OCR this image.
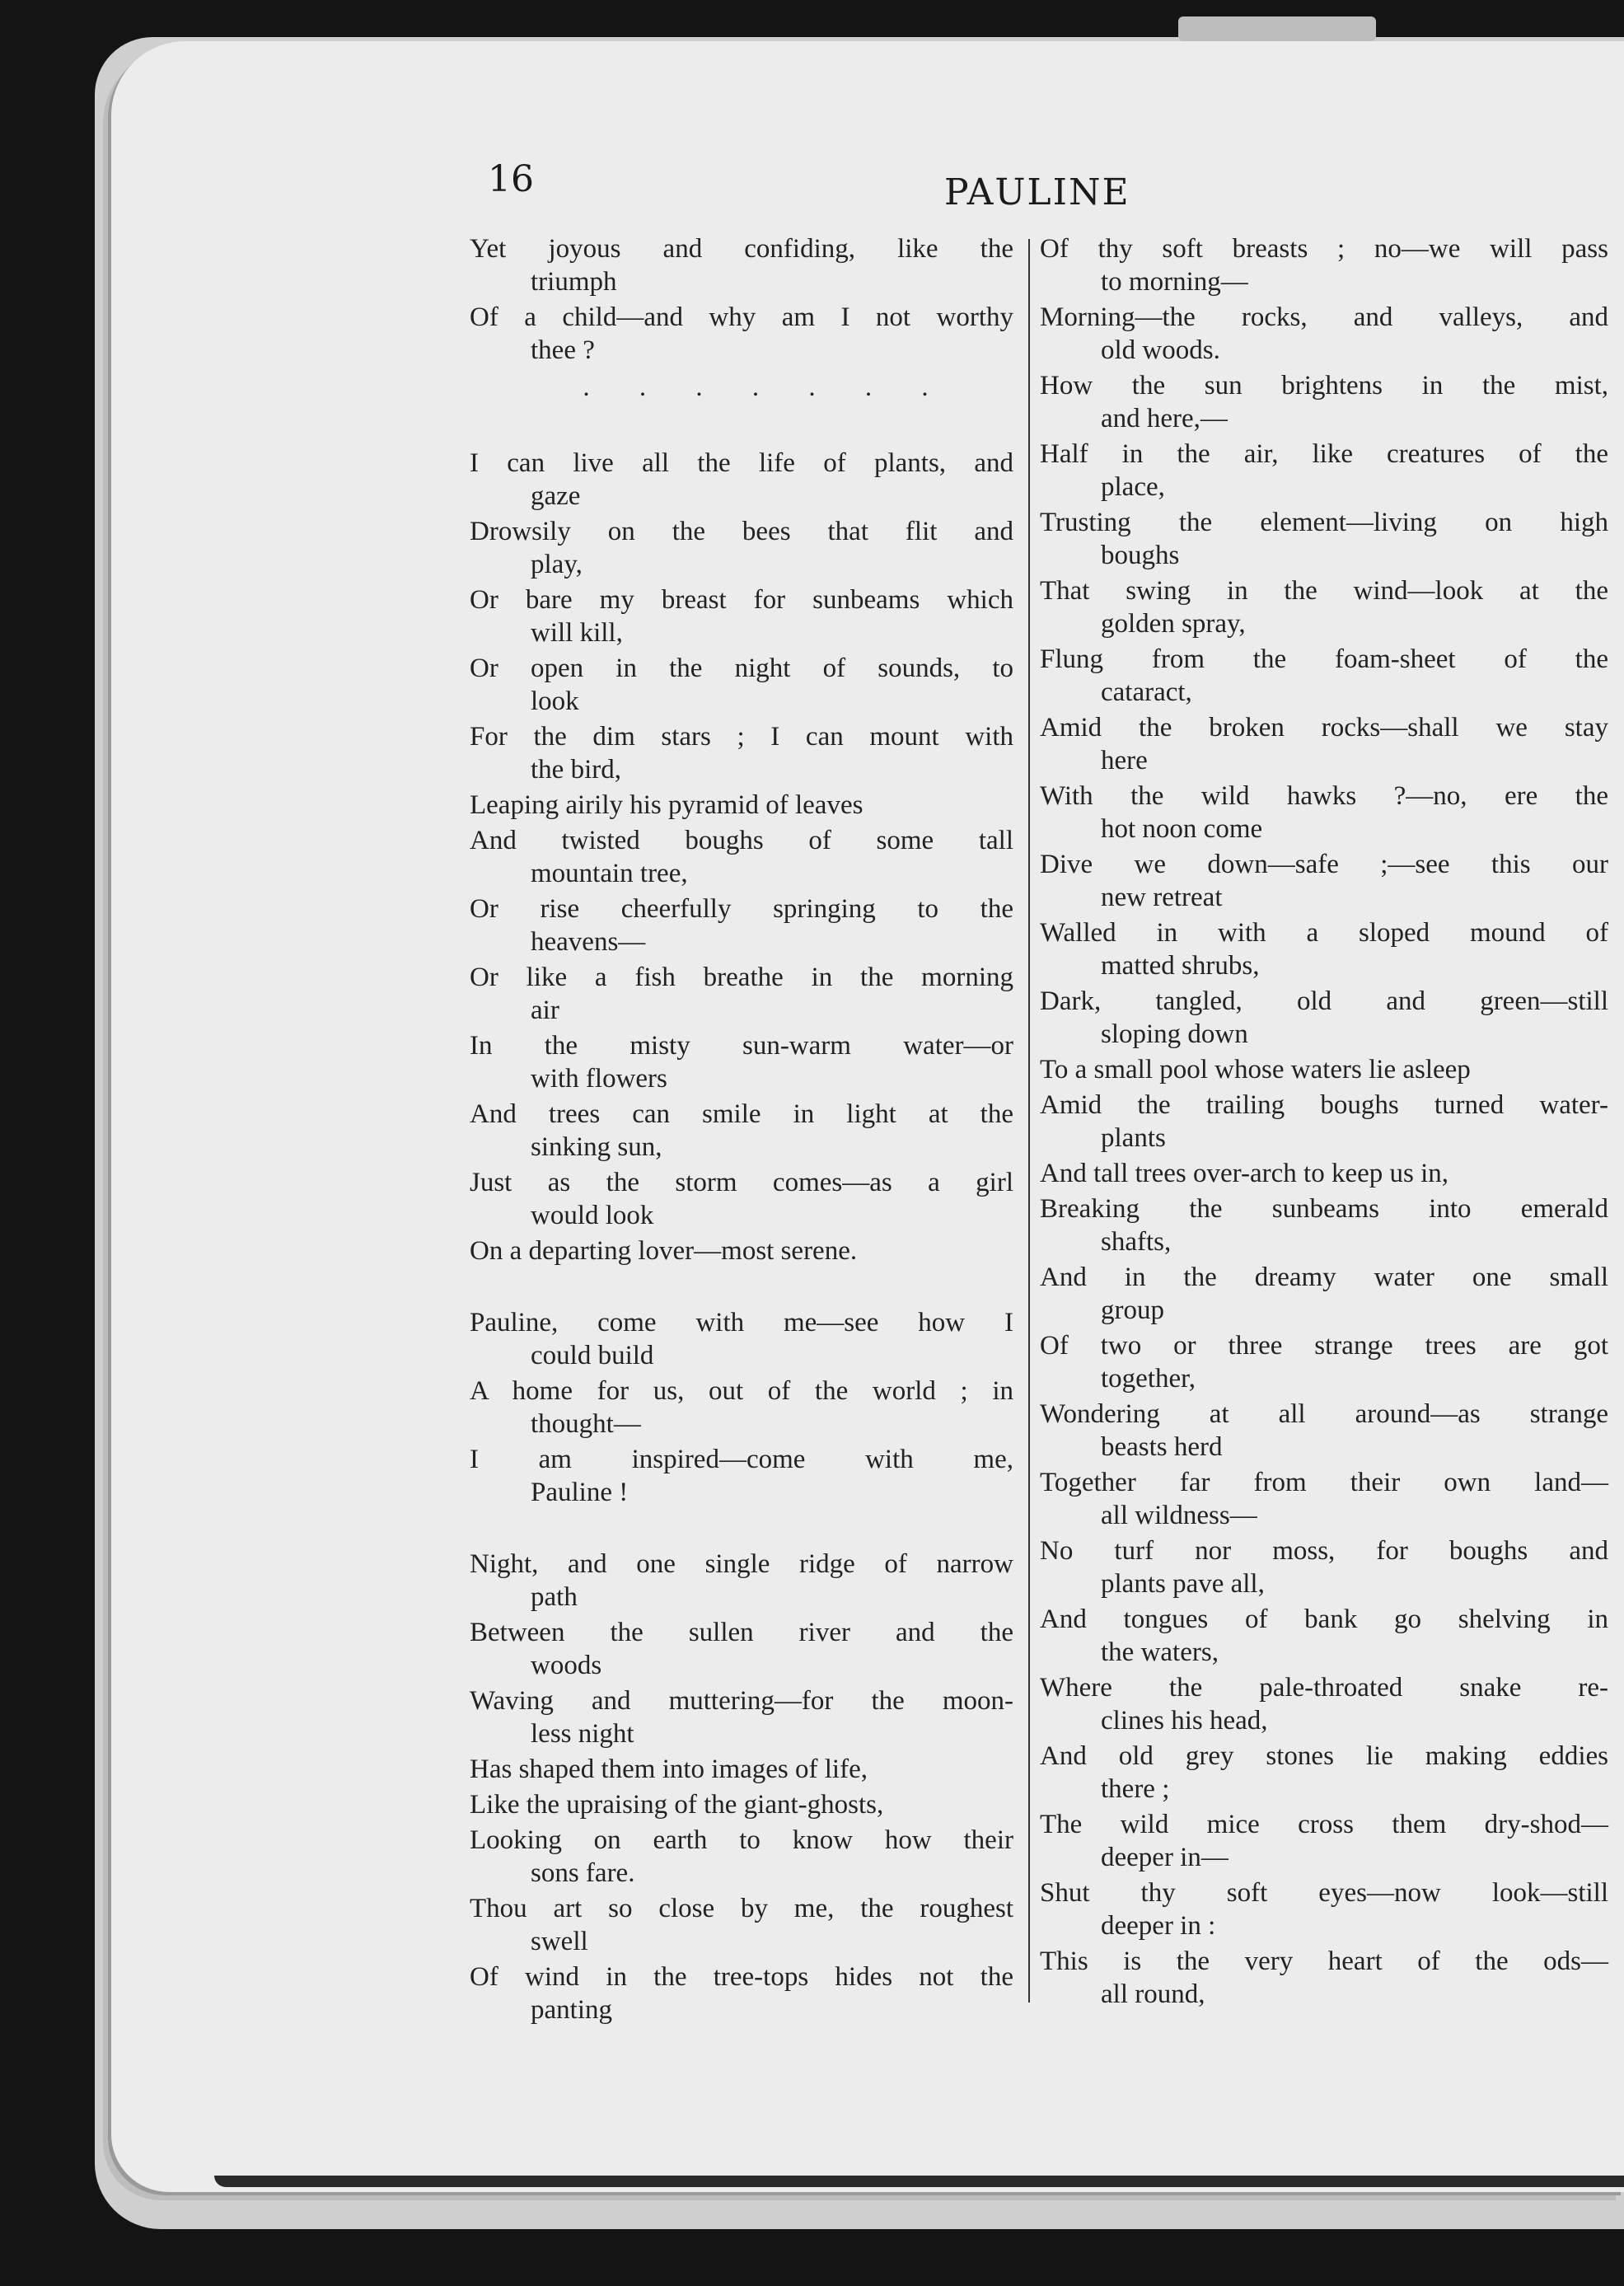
16	PAULINE
Yet joyous and confiding, like the
triumph
Of a child—and why am I not worthy
thee ?
. . . . . . .
I can live all the life of plants, and
gaze
Drowsily on the bees that flit and
play,
Or bare my breast for sunbeams which
will kill,
Or open in the night of sounds, to
look
For the dim stars ; I can mount with
the bird,
Leaping airily his pyramid of leaves
And twisted boughs of some tall
mountain tree,
Or rise cheerfully springing to the
heavens—
Or like a fish breathe in the morning
air
In the misty sun-warm water—or
with flowers
And trees can smile in light at the
sinking sun,
Just as the storm comes—as a girl
would look
On a departing lover—most serene.
Pauline, come with me—see how I
could build
A home for us, out of the world ; in
thought—
I am inspired—come with me,
Pauline !
Night, and one single ridge of narrow
path
Between the sullen river and the
woods
Waving and muttering—for the moon-
less night
Has shaped them into images of life,
Like the upraising of the giant-ghosts,
Looking on earth to know how their
sons fare.
Thou art so close by me, the roughest
swell
Of wind in the tree-tops hides not the
panting
Of thy soft breasts ; no—we will pass
to morning—
Morning—the rocks, and valleys, and
old woods.
How the sun brightens in the mist,
and here,—
Half in the air, like creatures of the
place,
Trusting the element—living on high
boughs
That swing in the wind—look at the
golden spray,
Flung from the foam-sheet of the
cataract,
Amid the broken rocks—shall we stay
here
With the wild hawks ?—no, ere the
hot noon come
Dive we down—safe ;—see this our
new retreat
Walled in with a sloped mound of
matted shrubs,
Dark, tangled, old and green—still
sloping down
To a small pool whose waters lie asleep
Amid the trailing boughs turned water-
plants
And tall trees over-arch to keep us in,
Breaking the sunbeams into emerald
shafts,
And in the dreamy water one small
group
Of two or three strange trees are got
together,
Wondering at all around—as strange
beasts herd
Together far from their own land—
all wildness—
No turf nor moss, for boughs and
plants pave all,
And tongues of bank go shelving in
the waters,
Where the pale-throated snake re-
clines his head,
And old grey stones lie making eddies
there ;
The wild mice cross them dry-shod—
deeper in—
Shut thy soft eyes—now look—still
deeper in :
This is the very heart of the ods—
all round,
